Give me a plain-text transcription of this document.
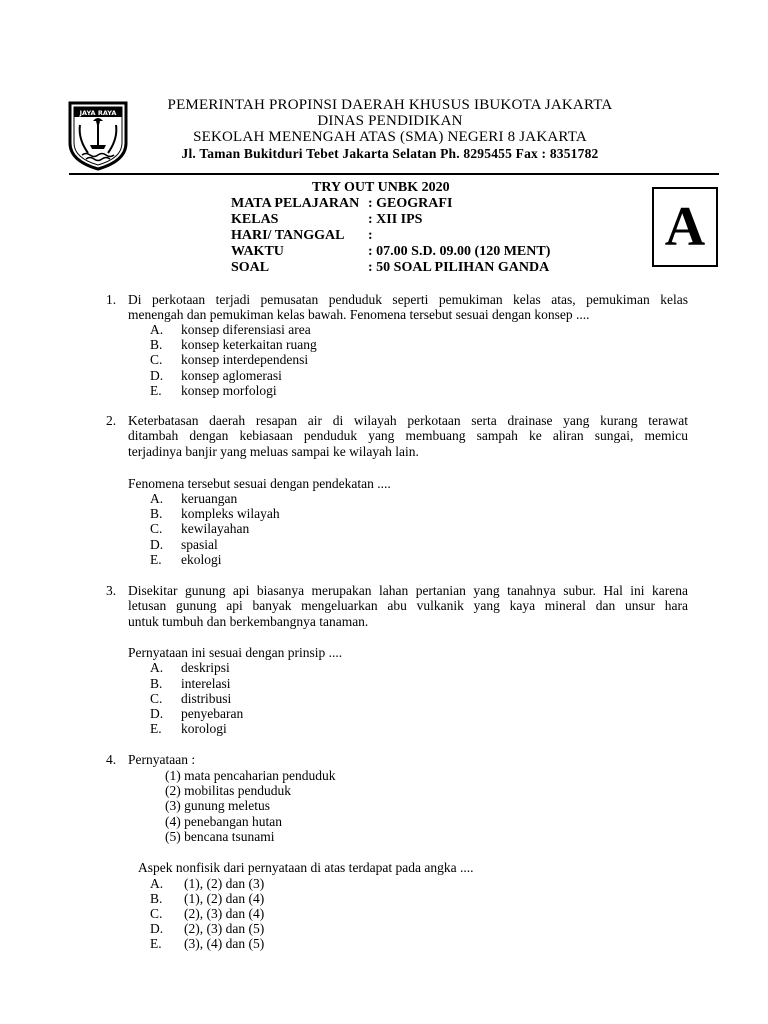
JAYA RAYA	PEMERINTAH PROPINSI DAERAH KHUSUS IBUKOTA JAKARTA
DINAS PENDIDIKAN
SEKOLAH MENENGAH ATAS (SMA) NEGERI 8 JAKARTA
Jl. Taman Bukitduri Tebet Jakarta Selatan Ph. 8295455 Fax : 8351782
TRY OUT UNBK 2020
MATA PELAJARAN : GEOGRAFI
KELAS	: XII IPS
HARI/ TANGGAL :
WAKTU	: 07.00 S.D. 09.00 (120 MENT)
SOAL	: 50 SOAL PILIHAN GANDA
A
1. Di perkotaan terjadi pemusatan penduduk seperti pemukiman kelas atas, pemukiman kelas
menengah dan pemukiman kelas bawah. Fenomena tersebut sesuai dengan konsep ....
A. konsep diferensiasi area
B. konsep keterkaitan ruang
C. konsep interdependensi
D. konsep aglomerasi
E. konsep morfologi
2. Keterbatasan daerah resapan air di wilayah perkotaan serta drainase yang kurang terawat
ditambah dengan kebiasaan penduduk yang membuang sampah ke aliran sungai, memicu
terjadinya banjir yang meluas sampai ke wilayah lain.
Fenomena tersebut sesuai dengan pendekatan ....
A. keruangan
B. kompleks wilayah
C. kewilayahan
D. spasial
E. ekologi
3. Disekitar gunung api biasanya merupakan lahan pertanian yang tanahnya subur. Hal ini karena
letusan gunung api banyak mengeluarkan abu vulkanik yang kaya mineral dan unsur hara
untuk tumbuh dan berkembangnya tanaman.
Pernyataan ini sesuai dengan prinsip ....
A. deskripsi
B. interelasi
C. distribusi
D. penyebaran
E. korologi
4. Pernyataan :
(1) mata pencaharian penduduk
(2) mobilitas penduduk
(3) gunung meletus
(4) penebangan hutan
(5) bencana tsunami
Aspek nonfisik dari pernyataan di atas terdapat pada angka ....
A. (1), (2) dan (3)
B. (1), (2) dan (4)
C. (2), (3) dan (4)
D. (2), (3) dan (5)
E. (3), (4) dan (5)
